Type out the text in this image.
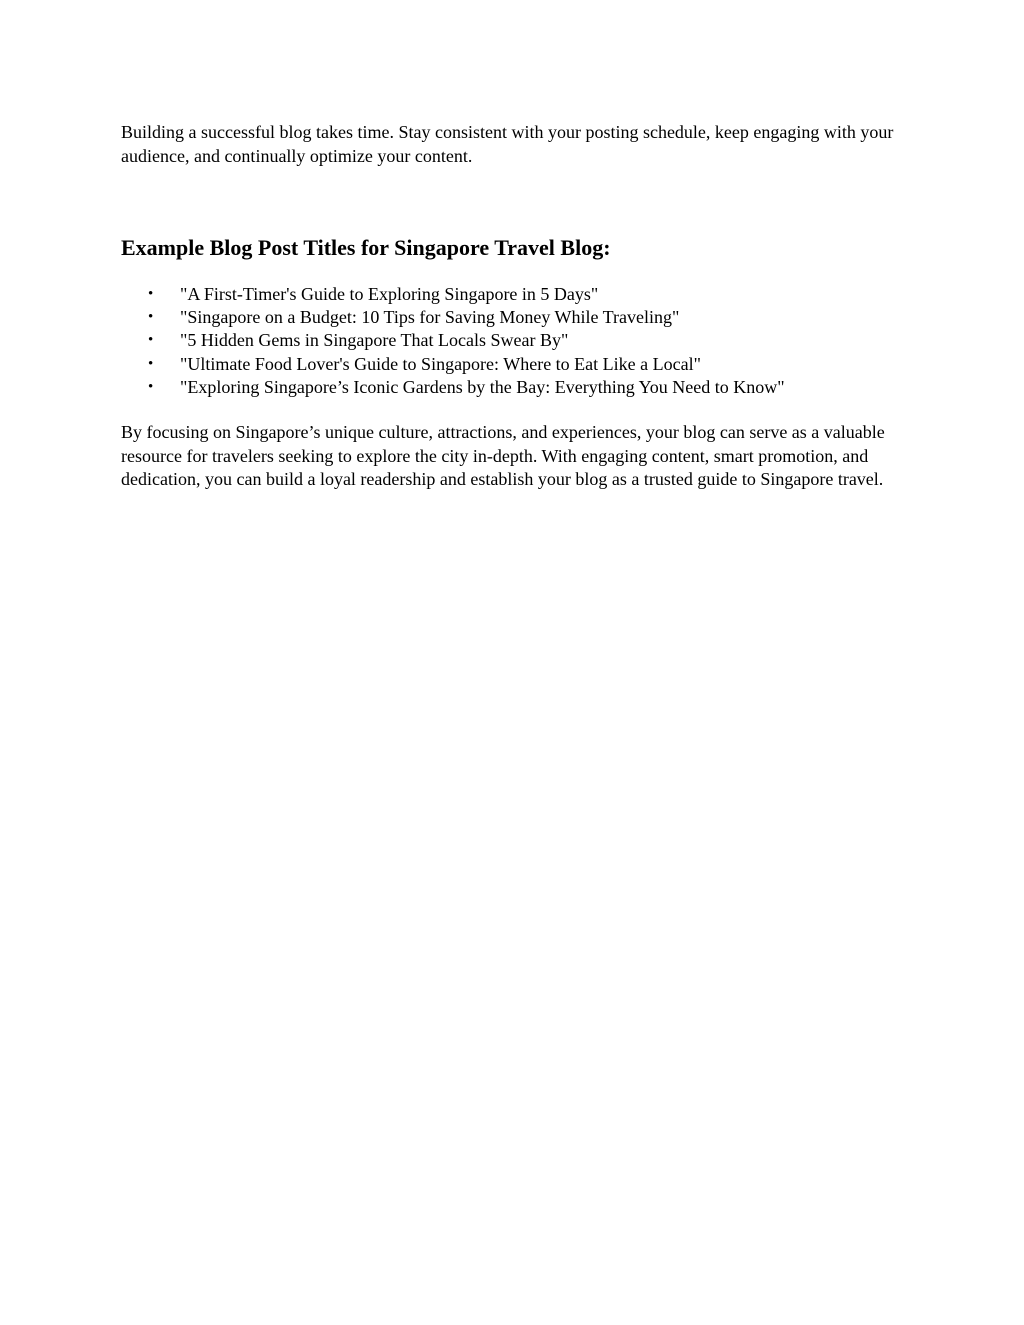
Building a successful blog takes time. Stay consistent with your posting schedule, keep engaging with your audience, and continually optimize your content.

Example Blog Post Titles for Singapore Travel Blog:
• "A First-Timer's Guide to Exploring Singapore in 5 Days"
• "Singapore on a Budget: 10 Tips for Saving Money While Traveling"
• "5 Hidden Gems in Singapore That Locals Swear By"
• "Ultimate Food Lover's Guide to Singapore: Where to Eat Like a Local"
• "Exploring Singapore’s Iconic Gardens by the Bay: Everything You Need to Know"

By focusing on Singapore’s unique culture, attractions, and experiences, your blog can serve as a valuable resource for travelers seeking to explore the city in-depth. With engaging content, smart promotion, and dedication, you can build a loyal readership and establish your blog as a trusted guide to Singapore travel.
